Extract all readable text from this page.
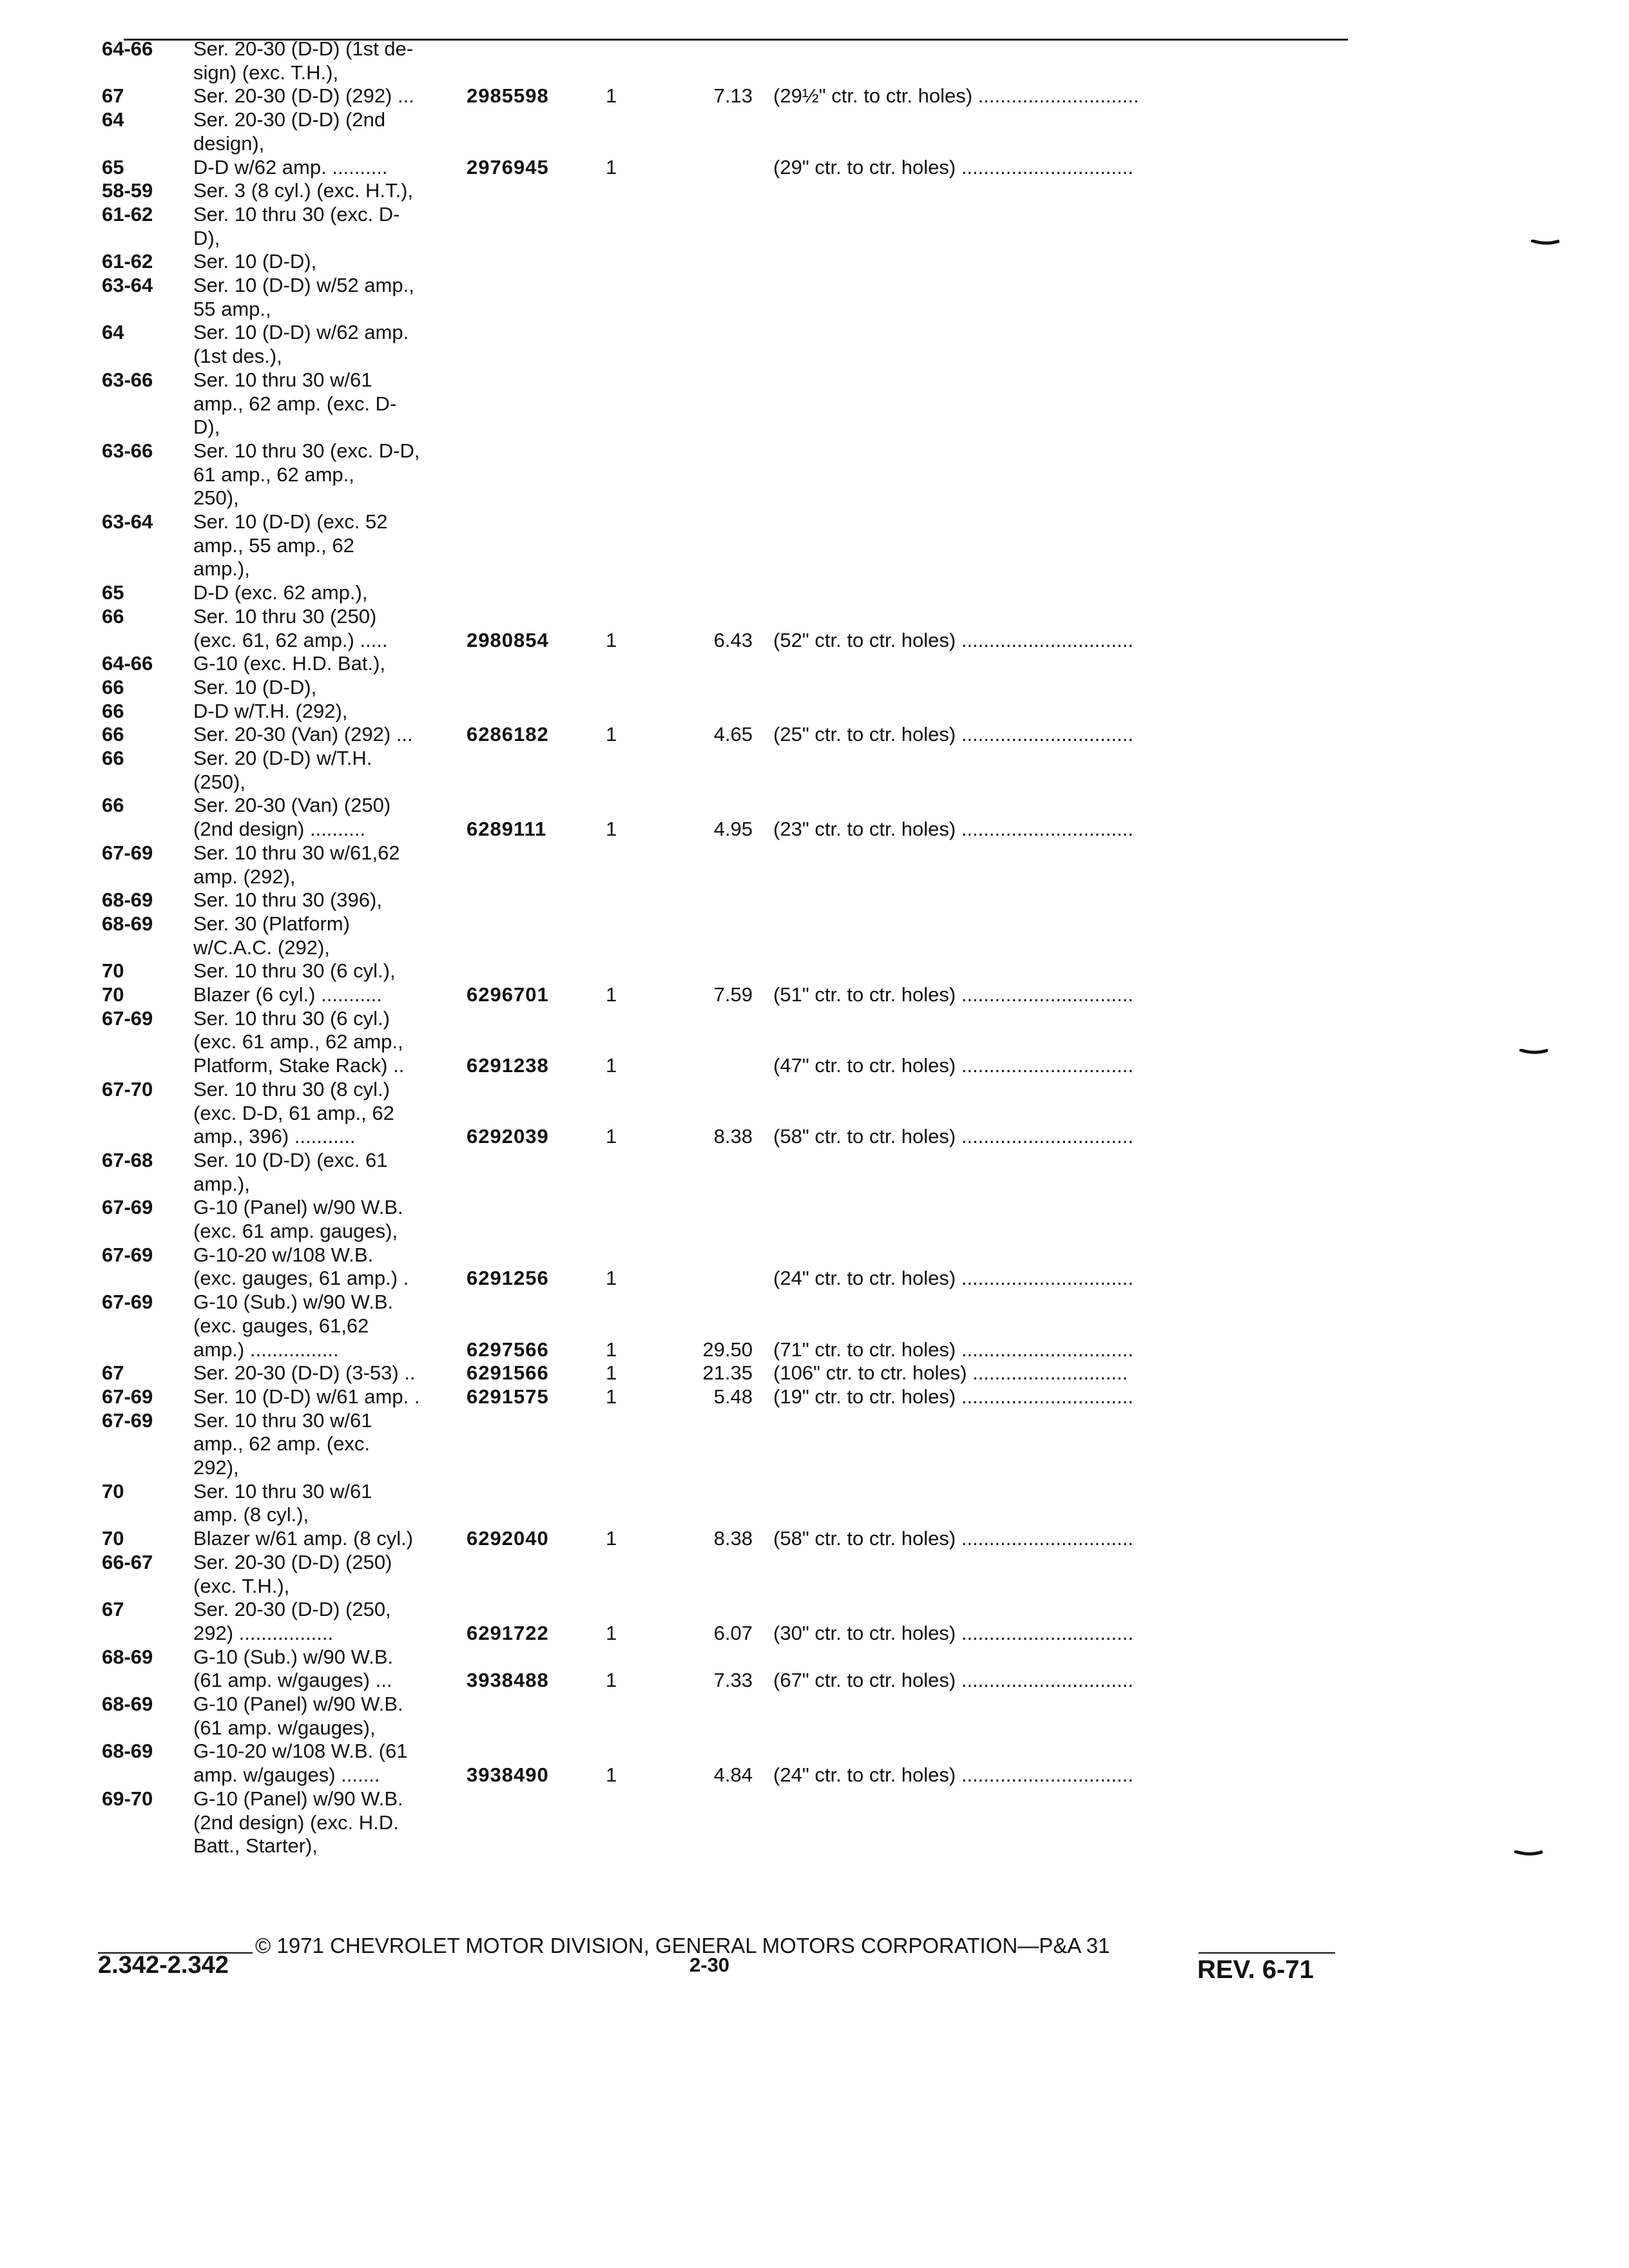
64-66 Ser. 20-30 (D-D) (1st de-
sign) (exc. T.H.),
67	Ser. 20-30 (D-D) (292) ...	2985598	1	7.13 (29½" ctr. to ctr. holes) .............................
64	Ser. 20-30 (D-D) (2nd
design),
65	D-D w/62 amp. ..........	2976945	1	(29" ctr. to ctr. holes) ...............................
58-59 Ser. 3 (8 cyl.) (exc. H.T.),
61-62 Ser. 10 thru 30 (exc. D-
D),
61-62 Ser. 10 (D-D),
63-64 Ser. 10 (D-D) w/52 amp.,
55 amp.,
64	Ser. 10 (D-D) w/62 amp.
(1st des.),
63-66 Ser. 10 thru 30 w/61
amp., 62 amp. (exc. D-
D),
63-66 Ser. 10 thru 30 (exc. D-D,
61 amp., 62 amp.,
250),
63-64 Ser. 10 (D-D) (exc. 52
amp., 55 amp., 62
amp.),
65	D-D (exc. 62 amp.),
66	Ser. 10 thru 30 (250)
(exc. 61, 62 amp.) .....	2980854	1	6.43 (52" ctr. to ctr. holes) ...............................
64-66 G-10 (exc. H.D. Bat.),
66	Ser. 10 (D-D),
66	D-D w/T.H. (292),
66	Ser. 20-30 (Van) (292) ...	6286182	1	4.65 (25" ctr. to ctr. holes) ...............................
66	Ser. 20 (D-D) w/T.H.
(250),
66	Ser. 20-30 (Van) (250)
(2nd design) ..........	6289111	1	4.95 (23" ctr. to ctr. holes) ...............................
67-69 Ser. 10 thru 30 w/61,62
amp. (292),
68-69 Ser. 10 thru 30 (396),
68-69 Ser. 30 (Platform)
w/C.A.C. (292),
70	Ser. 10 thru 30 (6 cyl.),
70	Blazer (6 cyl.) ...........	6296701	1	7.59 (51" ctr. to ctr. holes) ...............................
67-69 Ser. 10 thru 30 (6 cyl.)
(exc. 61 amp., 62 amp.,
Platform, Stake Rack) ..	6291238	1	(47" ctr. to ctr. holes) ...............................
67-70 Ser. 10 thru 30 (8 cyl.)
(exc. D-D, 61 amp., 62
amp., 396) ...........	6292039	1	8.38 (58" ctr. to ctr. holes) ...............................
67-68 Ser. 10 (D-D) (exc. 61
amp.),
67-69 G-10 (Panel) w/90 W.B.
(exc. 61 amp. gauges),
67-69 G-10-20 w/108 W.B.
(exc. gauges, 61 amp.) .	6291256	1	(24" ctr. to ctr. holes) ...............................
67-69 G-10 (Sub.) w/90 W.B.
(exc. gauges, 61,62
amp.) ................	6297566	1	29.50 (71" ctr. to ctr. holes) ...............................
67	Ser. 20-30 (D-D) (3-53) ..	6291566	1	21.35 (106" ctr. to ctr. holes) ............................
67-69 Ser. 10 (D-D) w/61 amp. . 6291575	1	5.48 (19" ctr. to ctr. holes) ...............................
67-69 Ser. 10 thru 30 w/61
amp., 62 amp. (exc.
292),
70	Ser. 10 thru 30 w/61
amp. (8 cyl.),
70	Blazer w/61 amp. (8 cyl.)	6292040	1	8.38 (58" ctr. to ctr. holes) ...............................
66-67 Ser. 20-30 (D-D) (250)
(exc. T.H.),
67	Ser. 20-30 (D-D) (250,
292) .................	6291722	1	6.07 (30" ctr. to ctr. holes) ...............................
68-69 G-10 (Sub.) w/90 W.B.
(61 amp. w/gauges) ...	3938488	1	7.33 (67" ctr. to ctr. holes) ...............................
68-69 G-10 (Panel) w/90 W.B.
(61 amp. w/gauges),
68-69 G-10-20 w/108 W.B. (61
amp. w/gauges) .......	3938490	1	4.84 (24" ctr. to ctr. holes) ...............................
69-70 G-10 (Panel) w/90 W.B.
(2nd design) (exc. H.D.
Batt., Starter),
© 1971 CHEVROLET MOTOR DIVISION, GENERAL MOTORS CORPORATION—P&A 31
2.342-2.342	2-30	REV. 6-71
